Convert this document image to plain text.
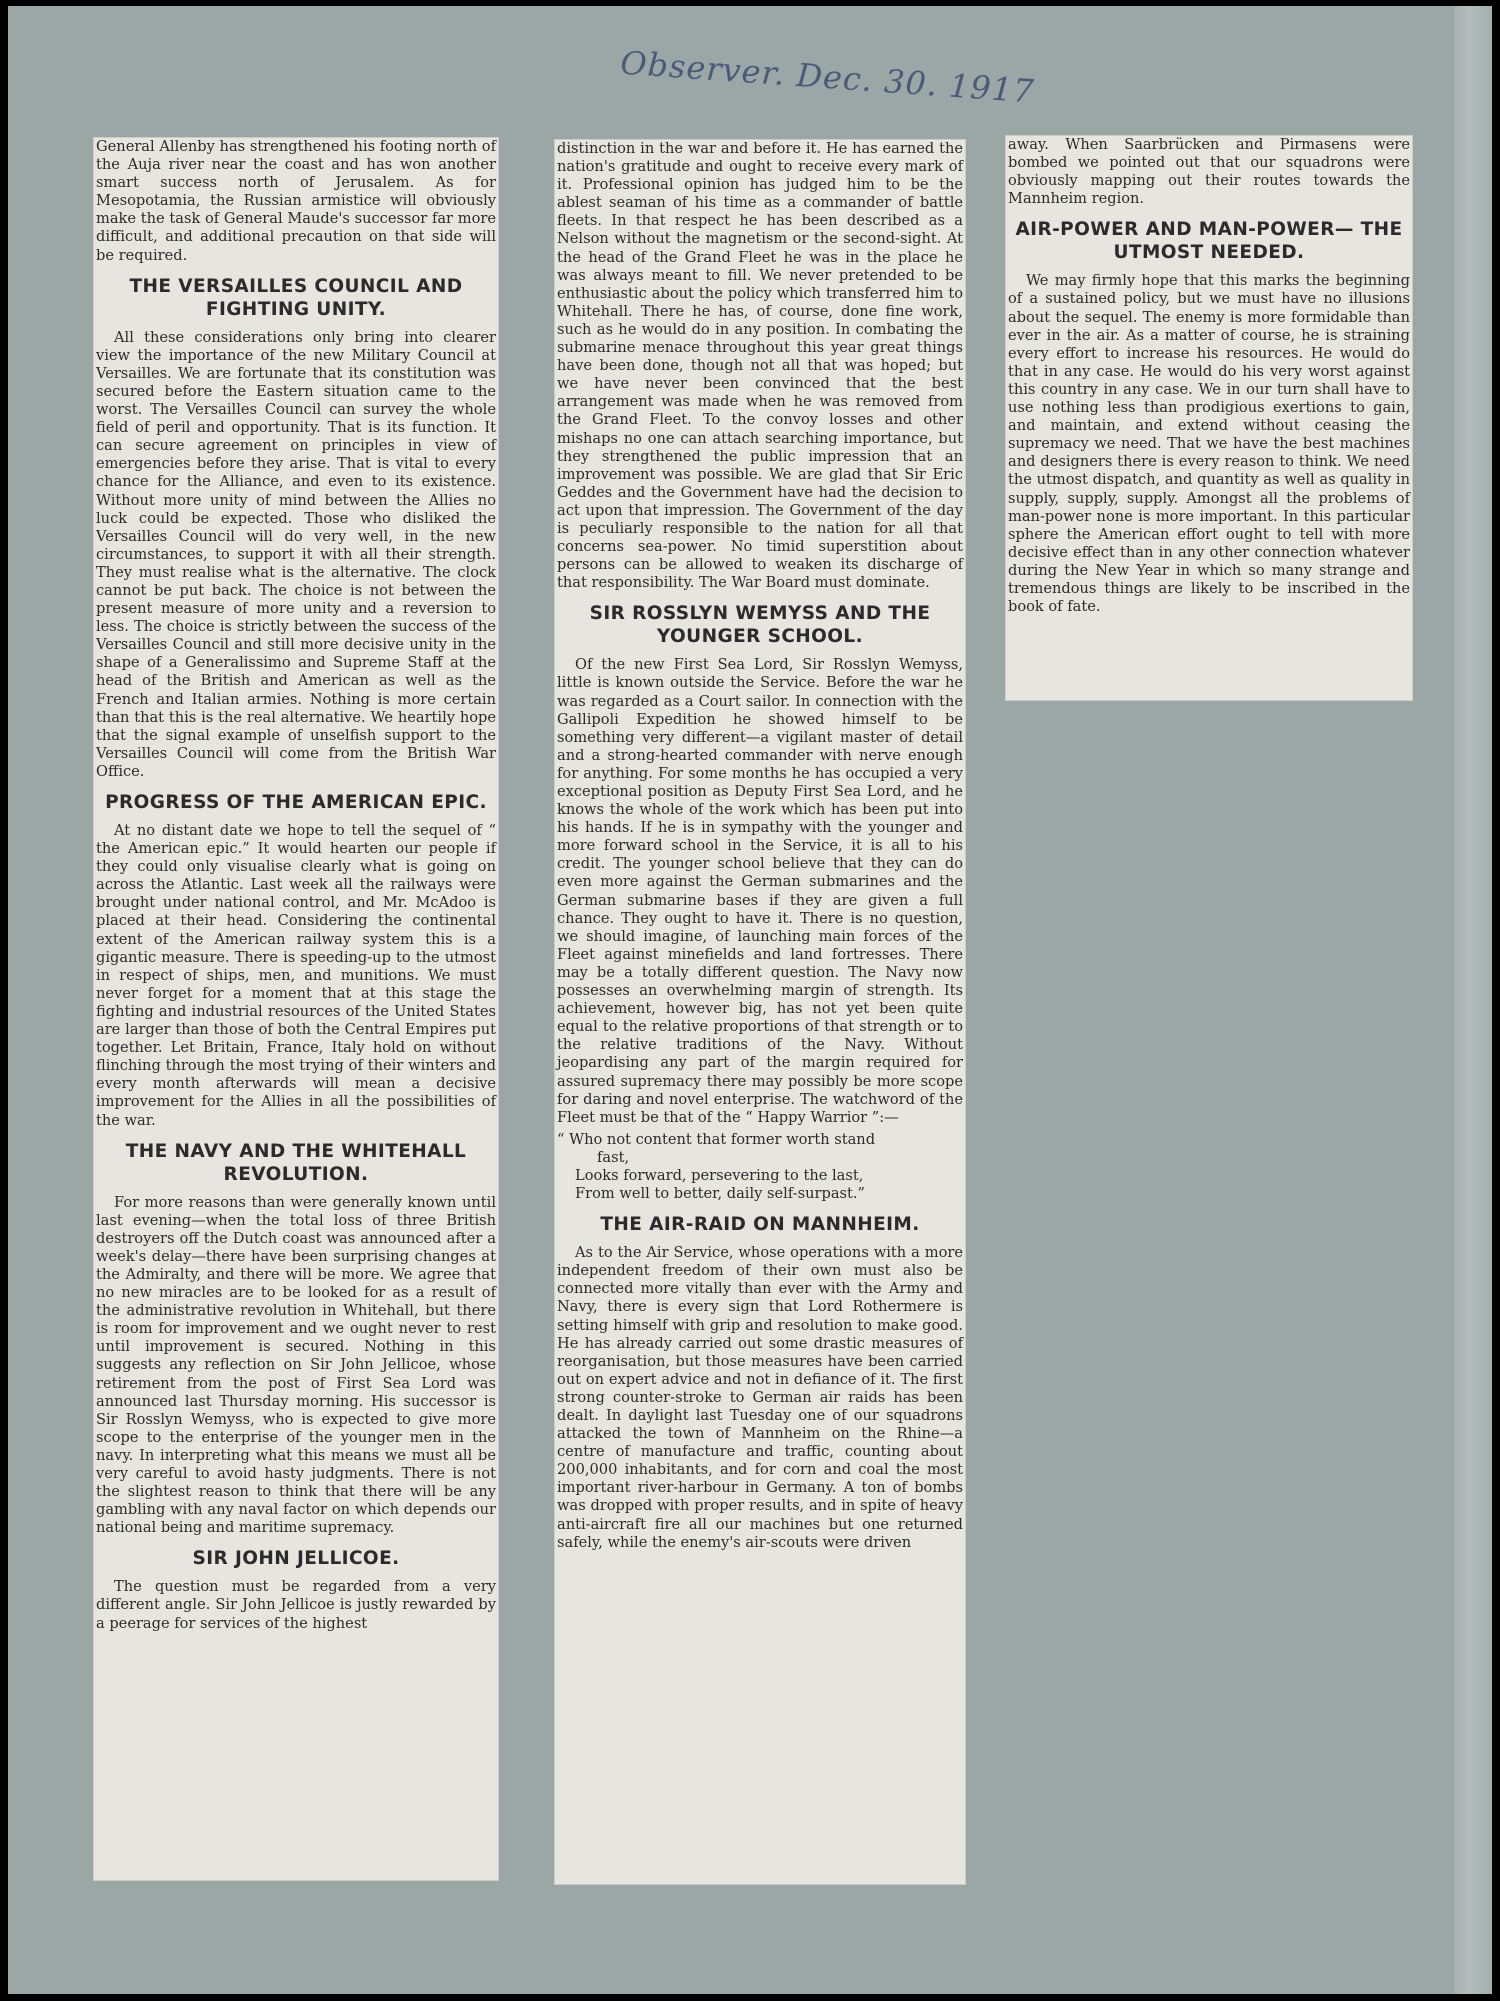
Observer. Dec. 30. 1917

General Allenby has strengthened his footing north of the Auja river near the coast and has won another smart success north of Jerusalem. As for Mesopotamia, the Russian armistice will obviously make the task of General Maude's successor far more difficult, and additional precaution on that side will be required.

THE VERSAILLES COUNCIL AND FIGHTING UNITY.

All these considerations only bring into clearer view the importance of the new Military Council at Versailles. We are fortunate that its constitution was secured before the Eastern situation came to the worst. The Versailles Council can survey the whole field of peril and opportunity. That is its function. It can secure agreement on principles in view of emergencies before they arise. That is vital to every chance for the Alliance, and even to its existence. Without more unity of mind between the Allies no luck could be expected. Those who disliked the Versailles Council will do very well, in the new circumstances, to support it with all their strength. They must realise what is the alternative. The clock cannot be put back. The choice is not between the present measure of more unity and a reversion to less. The choice is strictly between the success of the Versailles Council and still more decisive unity in the shape of a Generalissimo and Supreme Staff at the head of the British and American as well as the French and Italian armies. Nothing is more certain than that this is the real alternative. We heartily hope that the signal example of unselfish support to the Versailles Council will come from the British War Office.

PROGRESS OF THE AMERICAN EPIC.

At no distant date we hope to tell the sequel of “ the American epic.” It would hearten our people if they could only visualise clearly what is going on across the Atlantic. Last week all the railways were brought under national control, and Mr. McAdoo is placed at their head. Considering the continental extent of the American railway system this is a gigantic measure. There is speeding-up to the utmost in respect of ships, men, and munitions. We must never forget for a moment that at this stage the fighting and industrial resources of the United States are larger than those of both the Central Empires put together. Let Britain, France, Italy hold on without flinching through the most trying of their winters and every month afterwards will mean a decisive improvement for the Allies in all the possibilities of the war.

THE NAVY AND THE WHITEHALL REVOLUTION.

For more reasons than were generally known until last evening—when the total loss of three British destroyers off the Dutch coast was announced after a week's delay—there have been surprising changes at the Admiralty, and there will be more. We agree that no new miracles are to be looked for as a result of the administrative revolution in Whitehall, but there is room for improvement and we ought never to rest until improvement is secured. Nothing in this suggests any reflection on Sir John Jellicoe, whose retirement from the post of First Sea Lord was announced last Thursday morning. His successor is Sir Rosslyn Wemyss, who is expected to give more scope to the enterprise of the younger men in the navy. In interpreting what this means we must all be very careful to avoid hasty judgments. There is not the slightest reason to think that there will be any gambling with any naval factor on which depends our national being and maritime supremacy.

SIR JOHN JELLICOE.

The question must be regarded from a very different angle. Sir John Jellicoe is justly rewarded by a peerage for services of the highest

distinction in the war and before it. He has earned the nation's gratitude and ought to receive every mark of it. Professional opinion has judged him to be the ablest seaman of his time as a commander of battle fleets. In that respect he has been described as a Nelson without the magnetism or the second-sight. At the head of the Grand Fleet he was in the place he was always meant to fill. We never pretended to be enthusiastic about the policy which transferred him to Whitehall. There he has, of course, done fine work, such as he would do in any position. In combating the submarine menace throughout this year great things have been done, though not all that was hoped; but we have never been convinced that the best arrangement was made when he was removed from the Grand Fleet. To the convoy losses and other mishaps no one can attach searching importance, but they strengthened the public impression that an improvement was possible. We are glad that Sir Eric Geddes and the Government have had the decision to act upon that impression. The Government of the day is peculiarly responsible to the nation for all that concerns sea-power. No timid superstition about persons can be allowed to weaken its discharge of that responsibility. The War Board must dominate.

SIR ROSSLYN WEMYSS AND THE YOUNGER SCHOOL.

Of the new First Sea Lord, Sir Rosslyn Wemyss, little is known outside the Service. Before the war he was regarded as a Court sailor. In connection with the Gallipoli Expedition he showed himself to be something very different—a vigilant master of detail and a strong-hearted commander with nerve enough for anything. For some months he has occupied a very exceptional position as Deputy First Sea Lord, and he knows the whole of the work which has been put into his hands. If he is in sympathy with the younger and more forward school in the Service, it is all to his credit. The younger school believe that they can do even more against the German submarines and the German submarine bases if they are given a full chance. They ought to have it. There is no question, we should imagine, of launching main forces of the Fleet against minefields and land fortresses. There may be a totally different question. The Navy now possesses an overwhelming margin of strength. Its achievement, however big, has not yet been quite equal to the relative proportions of that strength or to the relative traditions of the Navy. Without jeopardising any part of the margin required for assured supremacy there may possibly be more scope for daring and novel enterprise. The watchword of the Fleet must be that of the “ Happy Warrior ”:—

“ Who not content that former worth stand
fast,
Looks forward, persevering to the last,
From well to better, daily self-surpast.”
THE AIR-RAID ON MANNHEIM.

As to the Air Service, whose operations with a more independent freedom of their own must also be connected more vitally than ever with the Army and Navy, there is every sign that Lord Rothermere is setting himself with grip and resolution to make good. He has already carried out some drastic measures of reorganisation, but those measures have been carried out on expert advice and not in defiance of it. The first strong counter-stroke to German air raids has been dealt. In daylight last Tuesday one of our squadrons attacked the town of Mannheim on the Rhine—a centre of manufacture and traffic, counting about 200,000 inhabitants, and for corn and coal the most important river-harbour in Germany. A ton of bombs was dropped with proper results, and in spite of heavy anti-aircraft fire all our machines but one returned safely, while the enemy's air-scouts were driven

away. When Saarbrücken and Pirmasens were bombed we pointed out that our squadrons were obviously mapping out their routes towards the Mannheim region.

AIR-POWER AND MAN-POWER— THE UTMOST NEEDED.

We may firmly hope that this marks the beginning of a sustained policy, but we must have no illusions about the sequel. The enemy is more formidable than ever in the air. As a matter of course, he is straining every effort to increase his resources. He would do that in any case. He would do his very worst against this country in any case. We in our turn shall have to use nothing less than prodigious exertions to gain, and maintain, and extend without ceasing the supremacy we need. That we have the best machines and designers there is every reason to think. We need the utmost dispatch, and quantity as well as quality in supply, supply, supply. Amongst all the problems of man-power none is more important. In this particular sphere the American effort ought to tell with more decisive effect than in any other connection whatever during the New Year in which so many strange and tremendous things are likely to be inscribed in the book of fate.
